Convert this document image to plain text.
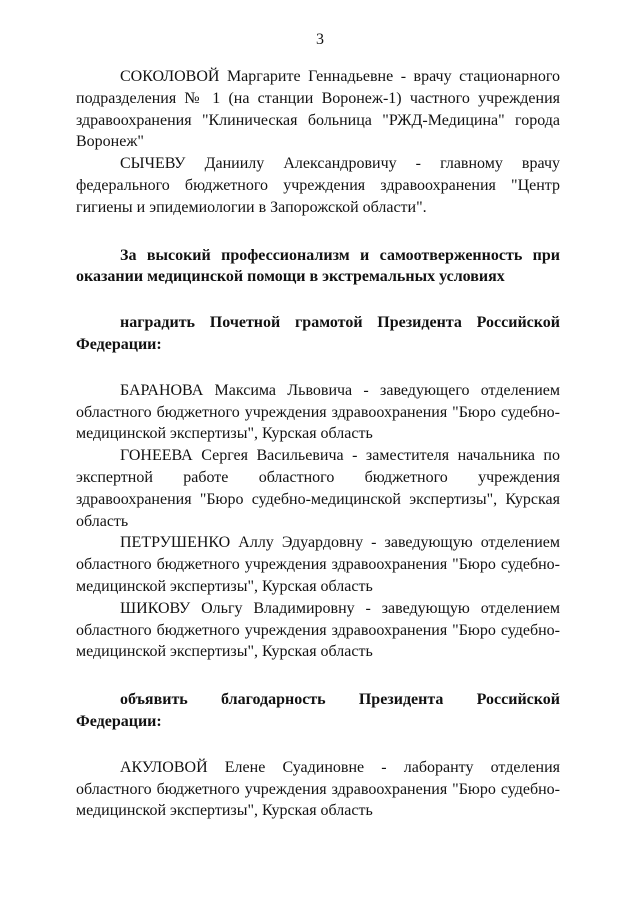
3

СОКОЛОВОЙ Маргарите Геннадьевне - врачу стационарного подразделения № 1 (на станции Воронеж-1) частного учреждения здравоохранения "Клиническая больница "РЖД-Медицина" города Воронеж"

СЫЧЕВУ Даниилу Александровичу - главному врачу федерального бюджетного учреждения здравоохранения "Центр гигиены и эпидемиологии в Запорожской области".

За высокий профессионализм и самоотверженность при оказании медицинской помощи в экстремальных условиях

наградить Почетной грамотой Президента Российской Федерации:

БАРАНОВА Максима Львовича - заведующего отделением областного бюджетного учреждения здравоохранения "Бюро судебно-медицинской экспертизы", Курская область

ГОНЕЕВА Сергея Васильевича - заместителя начальника по экспертной работе областного бюджетного учреждения здравоохранения "Бюро судебно-медицинской экспертизы", Курская область

ПЕТРУШЕНКО Аллу Эдуардовну - заведующую отделением областного бюджетного учреждения здравоохранения "Бюро судебно-медицинской экспертизы", Курская область

ШИКОВУ Ольгу Владимировну - заведующую отделением областного бюджетного учреждения здравоохранения "Бюро судебно-медицинской экспертизы", Курская область

объявить благодарность Президента Российской Федерации:

АКУЛОВОЙ Елене Суадиновне - лаборанту отделения областного бюджетного учреждения здравоохранения "Бюро судебно-медицинской экспертизы", Курская область
